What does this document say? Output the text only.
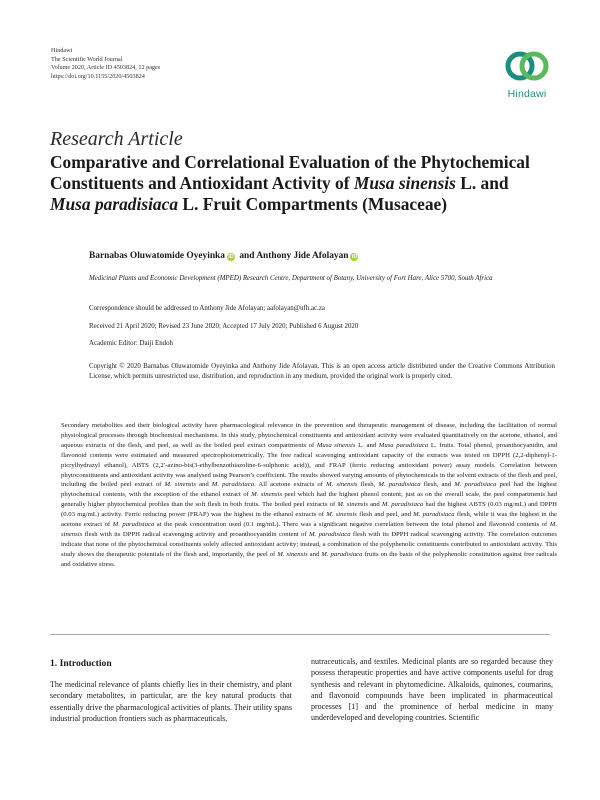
Hindawi
The Scientific World Journal
Volume 2020, Article ID 4503824, 12 pages
https://doi.org/10.1155/2020/4503824
Hindawi
Research Article
Comparative and Correlational Evaluation of the Phytochemical Constituents and Antioxidant Activity of Musa sinensis L. and Musa paradisiaca L. Fruit Compartments (Musaceae)
Barnabas Oluwatomide Oyeyinka iD and Anthony Jide Afolayan iD
Medicinal Plants and Economic Development (MPED) Research Centre, Department of Botany, University of Fort Hare, Alice 5700, South Africa
Correspondence should be addressed to Anthony Jide Afolayan; aafolayan@ufh.ac.za
Received 21 April 2020; Revised 23 June 2020; Accepted 17 July 2020; Published 6 August 2020
Academic Editor: Daiji Endoh
Copyright © 2020 Barnabas Oluwatomide Oyeyinka and Anthony Jide Afolayan. This is an open access article distributed under the Creative Commons Attribution License, which permits unrestricted use, distribution, and reproduction in any medium, provided the original work is properly cited.
Secondary metabolites and their biological activity have pharmacological relevance in the prevention and therapeutic management of disease, including the facilitation of normal physiological processes through biochemical mechanisms. In this study, phytochemical constituents and antioxidant activity were evaluated quantitatively on the acetone, ethanol, and aqueous extracts of the flesh, and peel, as well as the boiled peel extract compartments of Musa sinensis L. and Musa paradisiaca L. fruits. Total phenol, proanthocyanidin, and flavonoid contents were estimated and measured spectrophotometrically. The free radical scavenging antioxidant capacity of the extracts was tested on DPPH (2,2-diphenyl-1-picrylhydrazyl ethanol), ABTS (2,2′-azino-bis(3-ethylbenzothiazoline-6-sulphonic acid)), and FRAP (ferric reducing antioxidant power) assay models. Correlation between phytoconstituents and antioxidant activity was analysed using Pearson’s coefficient. The results showed varying amounts of phytochemicals in the solvent extracts of the flesh and peel, including the boiled peel extract of M. sinensis and M. paradisiaca. All acetone extracts of M. sinensis flesh, M. paradisiaca flesh, and M. paradisiaca peel had the highest phytochemical contents, with the exception of the ethanol extract of M. sinensis peel which had the highest phenol content; just as on the overall scale, the peel compartments had generally higher phytochemical profiles than the soft flesh in both fruits. The boiled peel extracts of M. sinensis and M. paradisiaca had the highest ABTS (0.03 mg/mL) and DPPH (0.03 mg/mL) activity. Ferric reducing power (FRAP) was the highest in the ethanol extracts of M. sinensis flesh and peel, and M. paradisiaca flesh, while it was the highest in the acetone extract of M. paradisiaca at the peak concentration used (0.1 mg/mL). There was a significant negative correlation between the total phenol and flavonoid contents of M. sinensis flesh with its DPPH radical scavenging activity and proanthocyanidin content of M. paradisiaca flesh with its DPPH radical scavenging activity. The correlation outcomes indicate that none of the phytochemical constituents solely affected antioxidant activity; instead, a combination of the polyphenolic constituents contributed to antioxidant activity. This study shows the therapeutic potentials of the flesh and, importantly, the peel of M. sinensis and M. paradisiaca fruits on the basis of the polyphenolic constitution against free radicals and oxidative stress.
1. Introduction
The medicinal relevance of plants chiefly lies in their chemistry, and plant secondary metabolites, in particular, are the key natural products that essentially drive the pharmacological activities of plants. Their utility spans industrial production frontiers such as pharmaceuticals,
nutraceuticals, and textiles. Medicinal plants are so regarded because they possess therapeutic properties and have active components useful for drug synthesis and relevant in phytomedicine. Alkaloids, quinones, coumarins, and flavonoid compounds have been implicated in pharmaceutical processes [1] and the prominence of herbal medicine in many underdeveloped and developing countries. Scientific
